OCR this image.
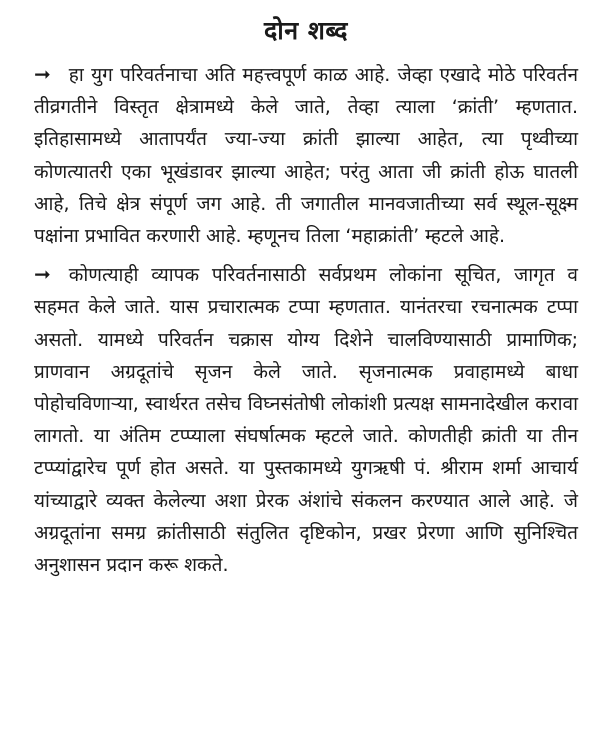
दोन शब्द

➞ हा युग परिवर्तनाचा अति महत्त्वपूर्ण काळ आहे. जेव्हा एखादे मोठे परिवर्तन तीव्रगतीने विस्तृत क्षेत्रामध्ये केले जाते, तेव्हा त्याला ‘क्रांती’ म्हणतात. इतिहासामध्ये आतापर्यंत ज्या-ज्या क्रांती झाल्या आहेत, त्या पृथ्वीच्या कोणत्यातरी एका भूखंडावर झाल्या आहेत; परंतु आता जी क्रांती होऊ घातली आहे, तिचे क्षेत्र संपूर्ण जग आहे. ती जगातील मानवजातीच्या सर्व स्थूल-सूक्ष्म पक्षांना प्रभावित करणारी आहे. म्हणूनच तिला ‘महाक्रांती’ म्हटले आहे.

➞ कोणत्याही व्यापक परिवर्तनासाठी सर्वप्रथम लोकांना सूचित, जागृत व सहमत केले जाते. यास प्रचारात्मक टप्पा म्हणतात. यानंतरचा रचनात्मक टप्पा असतो. यामध्ये परिवर्तन चक्रास योग्य दिशेने चालविण्यासाठी प्रामाणिक; प्राणवान अग्रदूतांचे सृजन केले जाते. सृजनात्मक प्रवाहामध्ये बाधा पोहोचविणाऱ्या, स्वार्थरत तसेच विघ्नसंतोषी लोकांशी प्रत्यक्ष सामनादेखील करावा लागतो. या अंतिम टप्प्याला संघर्षात्मक म्हटले जाते. कोणतीही क्रांती या तीन टप्प्यांद्वारेच पूर्ण होत असते. या पुस्तकामध्ये युगऋषी पं. श्रीराम शर्मा आचार्य यांच्याद्वारे व्यक्त केलेल्या अशा प्रेरक अंशांचे संकलन करण्यात आले आहे. जे अग्रदूतांना समग्र क्रांतीसाठी संतुलित दृष्टिकोन, प्रखर प्रेरणा आणि सुनिश्चित अनुशासन प्रदान करू शकते.
